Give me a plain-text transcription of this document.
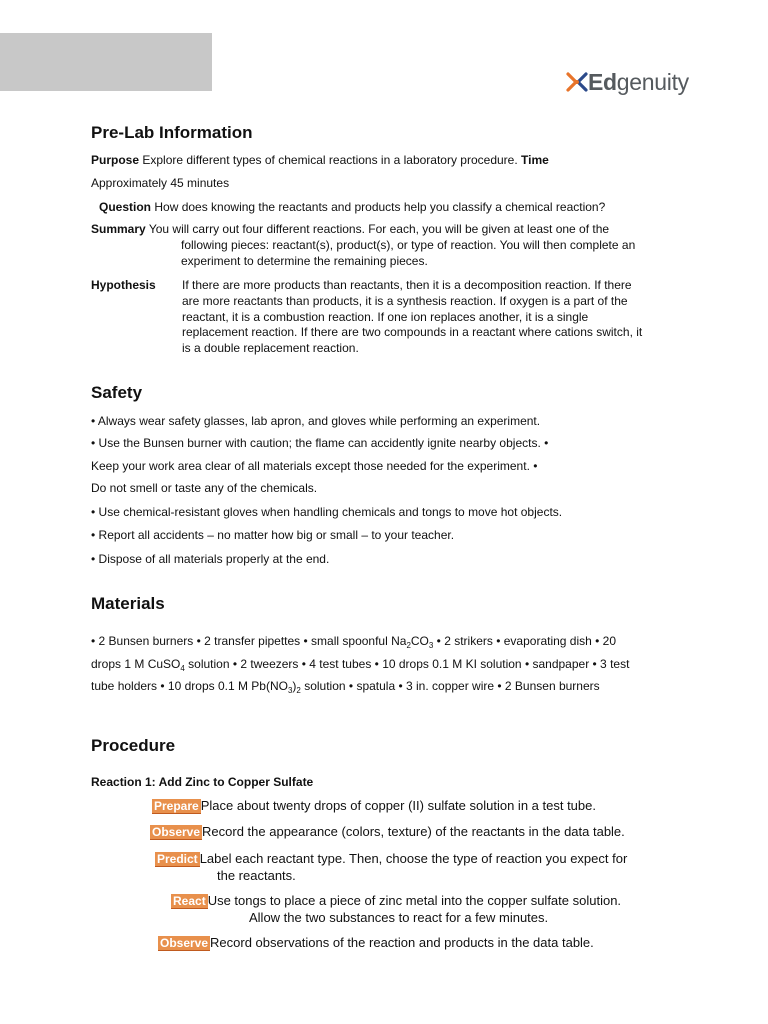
Edgenuity
Pre-Lab Information
Purpose Explore different types of chemical reactions in a laboratory procedure. Time
Approximately 45 minutes
Question How does knowing the reactants and products help you classify a chemical reaction?
Summary You will carry out four different reactions. For each, you will be given at least one of the
following pieces: reactant(s), product(s), or type of reaction. You will then complete an
experiment to determine the remaining pieces.
Hypothesis If there are more products than reactants, then it is a decomposition reaction. If there
are more reactants than products, it is a synthesis reaction. If oxygen is a part of the
reactant, it is a combustion reaction. If one ion replaces another, it is a single
replacement reaction. If there are two compounds in a reactant where cations switch, it
is a double replacement reaction.
Safety
• Always wear safety glasses, lab apron, and gloves while performing an experiment.
• Use the Bunsen burner with caution; the flame can accidently ignite nearby objects. •
Keep your work area clear of all materials except those needed for the experiment. •
Do not smell or taste any of the chemicals.
• Use chemical-resistant gloves when handling chemicals and tongs to move hot objects.
• Report all accidents – no matter how big or small – to your teacher.
• Dispose of all materials properly at the end.
Materials
• 2 Bunsen burners • 2 transfer pipettes • small spoonful $Na_2CO_3$ • 2 strikers • evaporating dish • 20
drops 1 M CuSO$_4$ solution • 2 tweezers • 4 test tubes • 10 drops 0.1 M KI solution • sandpaper • 3 test
tube holders • 10 drops 0.1 M $Pb(NO_3)_2$ solution • spatula • 3 in. copper wire • 2 Bunsen burners
Procedure
Reaction 1: Add Zinc to Copper Sulfate
Prepare Place about twenty drops of copper (II) sulfate solution in a test tube.
Observe Record the appearance (colors, texture) of the reactants in the data table.
Predict Label each reactant type. Then, choose the type of reaction you expect for
the reactants.
React Use tongs to place a piece of zinc metal into the copper sulfate solution.
Allow the two substances to react for a few minutes.
Observe Record observations of the reaction and products in the data table.
